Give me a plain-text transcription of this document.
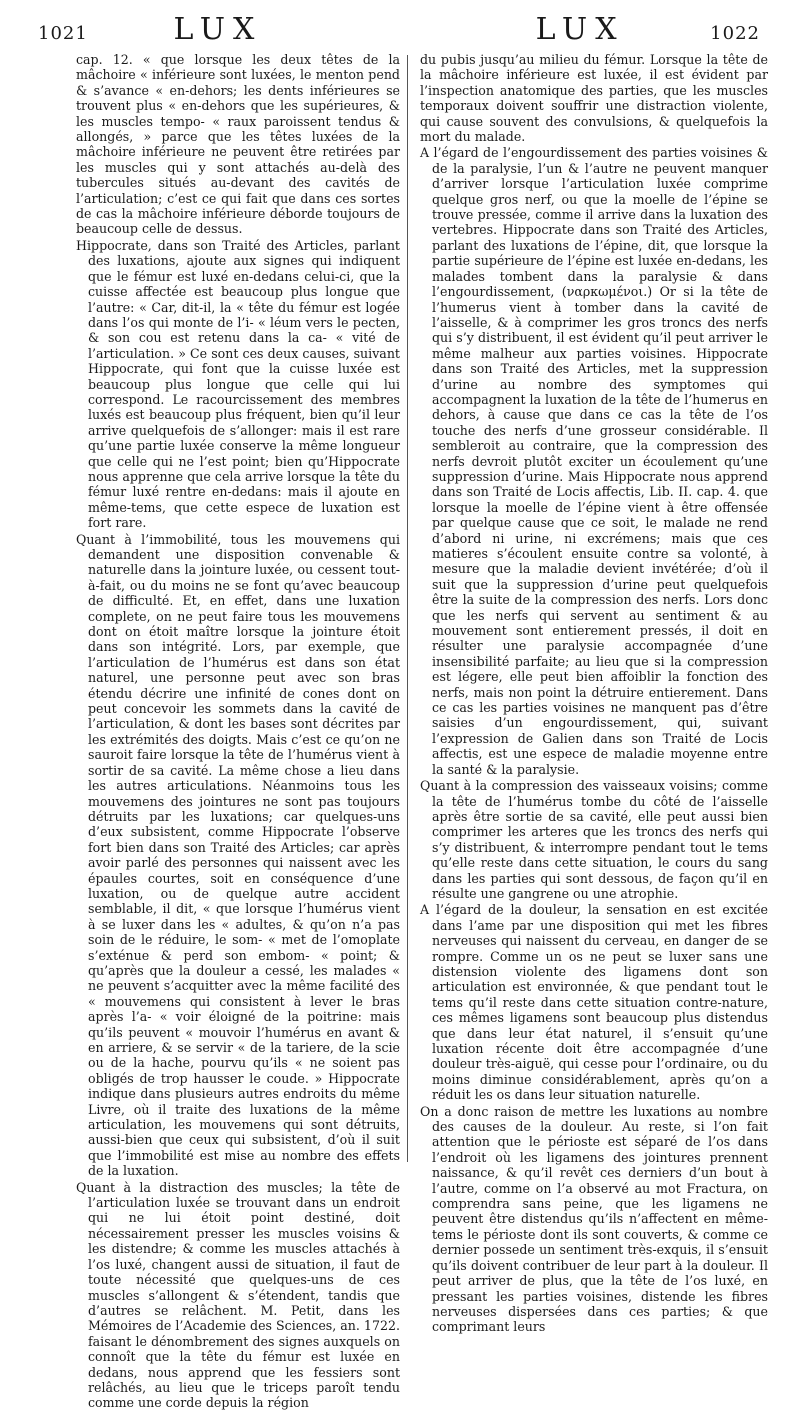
1021	LUX	LUX	1022

cap. 12. « que lorsque les deux têtes de la mâchoire « inférieure sont luxées, le menton pend & s’avance « en-dehors; les dents inférieures se trouvent plus « en-dehors que les supérieures, & les muscles tempo- « raux paroissent tendus & allongés, » parce que les têtes luxées de la mâchoire inférieure ne peuvent être retirées par les muscles qui y sont attachés au-delà des tubercules situés au-devant des cavités de l’articulation; c’est ce qui fait que dans ces sortes de cas la mâchoire inférieure déborde toujours de beaucoup celle de dessus.

Hippocrate, dans son Traité des Articles, parlant des luxations, ajoute aux signes qui indiquent que le fémur est luxé en-dedans celui-ci, que la cuisse affectée est beaucoup plus longue que l’autre: « Car, dit-il, la « tête du fémur est logée dans l’os qui monte de l’i- « léum vers le pecten, & son cou est retenu dans la ca- « vité de l’articulation. » Ce sont ces deux causes, suivant Hippocrate, qui font que la cuisse luxée est beaucoup plus longue que celle qui lui correspond. Le racourcissement des membres luxés est beaucoup plus fréquent, bien qu’il leur arrive quelquefois de s’allonger: mais il est rare qu’une partie luxée conserve la même longueur que celle qui ne l’est point; bien qu’Hippocrate nous apprenne que cela arrive lorsque la tête du fémur luxé rentre en-dedans: mais il ajoute en même-tems, que cette espece de luxation est fort rare.

Quant à l’immobilité, tous les mouvemens qui demandent une disposition convenable & naturelle dans la jointure luxée, ou cessent tout-à-fait, ou du moins ne se font qu’avec beaucoup de difficulté. Et, en effet, dans une luxation complete, on ne peut faire tous les mouvemens dont on étoit maître lorsque la jointure étoit dans son intégrité. Lors, par exemple, que l’articulation de l’humérus est dans son état naturel, une personne peut avec son bras étendu décrire une infinité de cones dont on peut concevoir les sommets dans la cavité de l’articulation, & dont les bases sont décrites par les extrémités des doigts. Mais c’est ce qu’on ne sauroit faire lorsque la tête de l’humérus vient à sortir de sa cavité. La même chose a lieu dans les autres articulations. Néanmoins tous les mouvemens des jointures ne sont pas toujours détruits par les luxations; car quelques-uns d’eux subsistent, comme Hippocrate l’observe fort bien dans son Traité des Articles; car après avoir parlé des personnes qui naissent avec les épaules courtes, soit en conséquence d’une luxation, ou de quelque autre accident semblable, il dit, « que lorsque l’humérus vient à se luxer dans les « adultes, & qu’on n’a pas soin de le réduire, le som- « met de l’omoplate s’exténue & perd son embom- « point; & qu’après que la douleur a cessé, les malades « ne peuvent s’acquitter avec la même facilité des « mouvemens qui consistent à lever le bras après l’a- « voir éloigné de la poitrine: mais qu’ils peuvent « mouvoir l’humérus en avant & en arriere, & se servir « de la tariere, de la scie ou de la hache, pourvu qu’ils « ne soient pas obligés de trop hausser le coude. » Hippocrate indique dans plusieurs autres endroits du même Livre, où il traite des luxations de la même articulation, les mouvemens qui sont détruits, aussi-bien que ceux qui subsistent, d’où il suit que l’immobilité est mise au nombre des effets de la luxation.

Quant à la distraction des muscles; la tête de l’articulation luxée se trouvant dans un endroit qui ne lui étoit point destiné, doit nécessairement presser les muscles voisins & les distendre; & comme les muscles attachés à l’os luxé, changent aussi de situation, il faut de toute nécessité que quelques-uns de ces muscles s’allongent & s’étendent, tandis que d’autres se relâchent. M. Petit, dans les Mémoires de l’Academie des Sciences, an. 1722. faisant le dénombrement des signes auxquels on connoît que la tête du fémur est luxée en dedans, nous apprend que les fessiers sont relâchés, au lieu que le triceps paroît tendu comme une corde depuis la région

du pubis jusqu’au milieu du fémur. Lorsque la tête de la mâchoire inférieure est luxée, il est évident par l’inspection anatomique des parties, que les muscles temporaux doivent souffrir une distraction violente, qui cause souvent des convulsions, & quelquefois la mort du malade.

A l’égard de l’engourdissement des parties voisines & de la paralysie, l’un & l’autre ne peuvent manquer d’arriver lorsque l’articulation luxée comprime quelque gros nerf, ou que la moelle de l’épine se trouve pressée, comme il arrive dans la luxation des vertebres. Hippocrate dans son Traité des Articles, parlant des luxations de l’épine, dit, que lorsque la partie supérieure de l’épine est luxée en-dedans, les malades tombent dans la paralysie & dans l’engourdissement, (ναρκωμένοι.) Or si la tête de l’humerus vient à tomber dans la cavité de l’aisselle, & à comprimer les gros troncs des nerfs qui s’y distribuent, il est évident qu’il peut arriver le même malheur aux parties voisines. Hippocrate dans son Traité des Articles, met la suppression d’urine au nombre des symptomes qui accompagnent la luxation de la tête de l’humerus en dehors, à cause que dans ce cas la tête de l’os touche des nerfs d’une grosseur considérable. Il sembleroit au contraire, que la compression des nerfs devroit plutôt exciter un écoulement qu’une suppression d’urine. Mais Hippocrate nous apprend dans son Traité de Locis affectis, Lib. II. cap. 4. que lorsque la moelle de l’épine vient à être offensée par quelque cause que ce soit, le malade ne rend d’abord ni urine, ni excrémens; mais que ces matieres s’écoulent ensuite contre sa volonté, à mesure que la maladie devient invétérée; d’où il suit que la suppression d’urine peut quelquefois être la suite de la compression des nerfs. Lors donc que les nerfs qui servent au sentiment & au mouvement sont entierement pressés, il doit en résulter une paralysie accompagnée d’une insensibilité parfaite; au lieu que si la compression est légere, elle peut bien affoiblir la fonction des nerfs, mais non point la détruire entierement. Dans ce cas les parties voisines ne manquent pas d’être saisies d’un engourdissement, qui, suivant l’expression de Galien dans son Traité de Locis affectis, est une espece de maladie moyenne entre la santé & la paralysie.

Quant à la compression des vaisseaux voisins; comme la tête de l’humérus tombe du côté de l’aisselle après être sortie de sa cavité, elle peut aussi bien comprimer les arteres que les troncs des nerfs qui s’y distribuent, & interrompre pendant tout le tems qu’elle reste dans cette situation, le cours du sang dans les parties qui sont dessous, de façon qu’il en résulte une gangrene ou une atrophie.

A l’égard de la douleur, la sensation en est excitée dans l’ame par une disposition qui met les fibres nerveuses qui naissent du cerveau, en danger de se rompre. Comme un os ne peut se luxer sans une distension violente des ligamens dont son articulation est environnée, & que pendant tout le tems qu’il reste dans cette situation contre-nature, ces mêmes ligamens sont beaucoup plus distendus que dans leur état naturel, il s’ensuit qu’une luxation récente doit être accompagnée d’une douleur très-aiguë, qui cesse pour l’ordinaire, ou du moins diminue considérablement, après qu’on a réduit les os dans leur situation naturelle.

On a donc raison de mettre les luxations au nombre des causes de la douleur. Au reste, si l’on fait attention que le périoste est séparé de l’os dans l’endroit où les ligamens des jointures prennent naissance, & qu’il revêt ces derniers d’un bout à l’autre, comme on l’a observé au mot Fractura, on comprendra sans peine, que les ligamens ne peuvent être distendus qu’ils n’affectent en même-tems le périoste dont ils sont couverts, & comme ce dernier possede un sentiment très-exquis, il s’ensuit qu’ils doivent contribuer de leur part à la douleur. Il peut arriver de plus, que la tête de l’os luxé, en pressant les parties voisines, distende les fibres nerveuses dispersées dans ces parties; & que comprimant leurs
